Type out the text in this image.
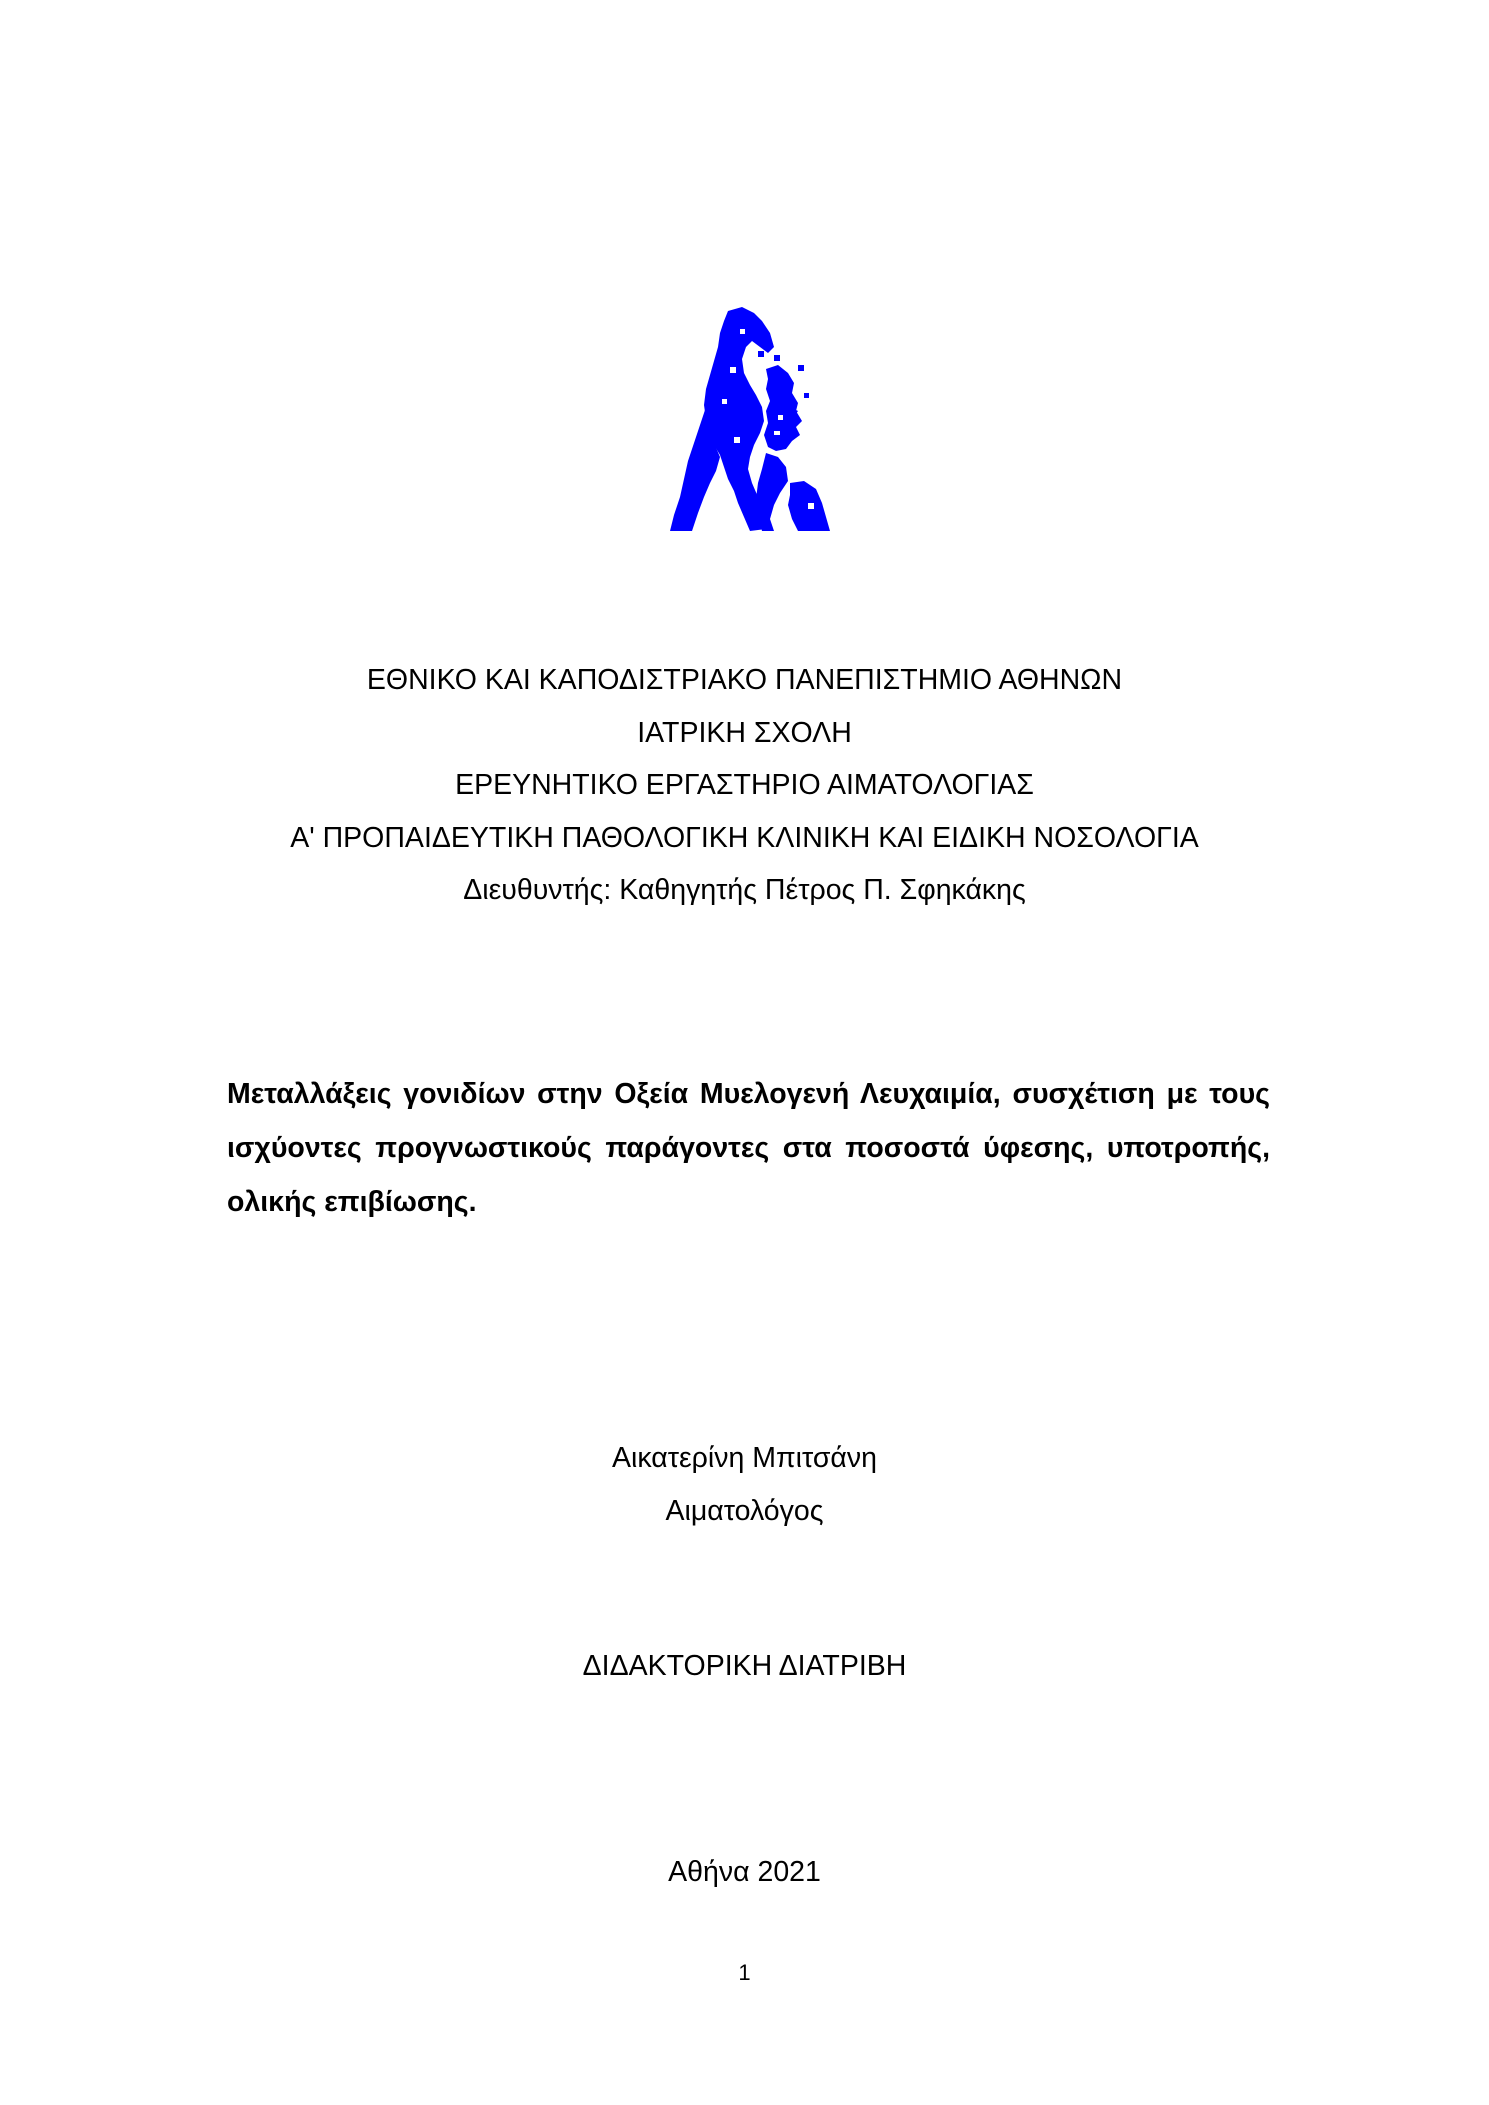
ΕΘΝΙΚΟ ΚΑΙ ΚΑΠΟΔΙΣΤΡΙΑΚΟ ΠΑΝΕΠΙΣΤΗΜΙΟ ΑΘΗΝΩΝ
ΙΑΤΡΙΚΗ ΣΧΟΛΗ
ΕΡΕΥΝΗΤΙΚΟ ΕΡΓΑΣΤΗΡΙΟ ΑΙΜΑΤΟΛΟΓΙΑΣ
Α' ΠΡΟΠΑΙΔΕΥΤΙΚΗ ΠΑΘΟΛΟΓΙΚΗ ΚΛΙΝΙΚΗ ΚΑΙ ΕΙΔΙΚΗ ΝΟΣΟΛΟΓΙΑ
Διευθυντής: Καθηγητής Πέτρος Π. Σφηκάκης
Μεταλλάξεις γονιδίων στην Οξεία Μυελογενή Λευχαιμία, συσχέτιση με τους ισχύοντες προγνωστικούς παράγοντες στα ποσοστά ύφεσης, υποτροπής, ολικής επιβίωσης.
Αικατερίνη Μπιτσάνη
Αιματολόγος
ΔΙΔΑΚΤΟΡΙΚΗ ΔΙΑΤΡΙΒΗ
Αθήνα 2021
1
